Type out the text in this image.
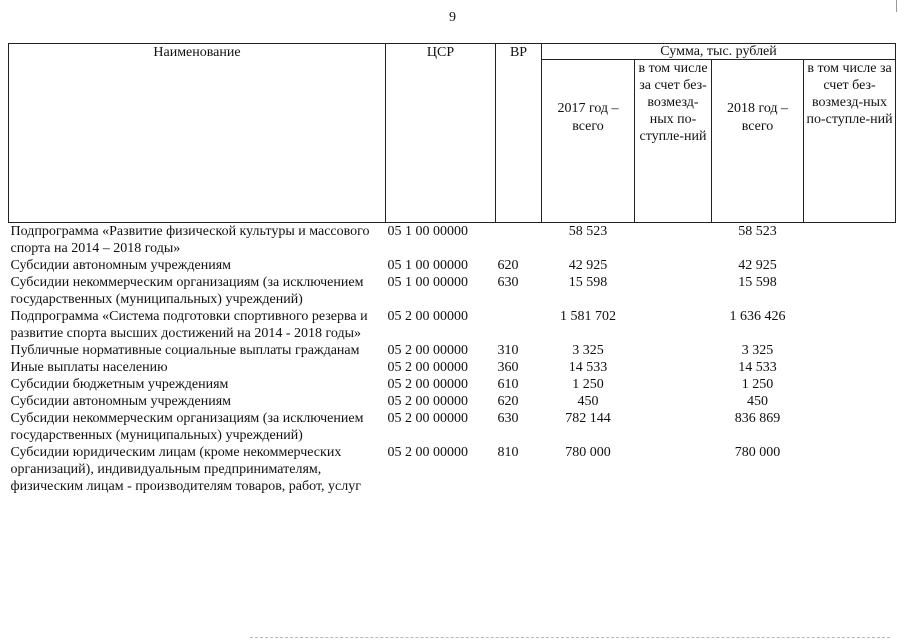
9
Наименование	ЦСР	ВР	Сумма, тыс. рублей			
			2017 год – всего	в том числе за счет без-возмезд-ных по-ступле-ний	2018 год – всего	в том числе за счет без-возмезд-ных по-ступле-ний
Подпрограмма «Развитие физической культуры и массового спорта на 2014 – 2018 годы»	05 1 00 00000		58 523		58 523	
Субсидии автономным учреждениям	05 1 00 00000	620	42 925		42 925	
Субсидии некоммерческим организациям (за исключением государственных (муниципальных) учреждений)	05 1 00 00000	630	15 598		15 598	
Подпрограмма «Система подготовки спортивного резерва и развитие спорта высших достижений на 2014 - 2018 годы»	05 2 00 00000		1 581 702		1 636 426	
Публичные нормативные социальные выплаты гражданам	05 2 00 00000	310	3 325		3 325	
Иные выплаты населению	05 2 00 00000	360	14 533		14 533	
Субсидии бюджетным учреждениям	05 2 00 00000	610	1 250		1 250	
Субсидии автономным учреждениям	05 2 00 00000	620	450		450	
Субсидии некоммерческим организациям (за исключением государственных (муниципальных) учреждений)	05 2 00 00000	630	782 144		836 869	
Субсидии юридическим лицам (кроме некоммерческих организаций), индивидуальным предпринимателям, физическим лицам - производителям товаров, работ, услуг	05 2 00 00000	810	780 000		780 000	
